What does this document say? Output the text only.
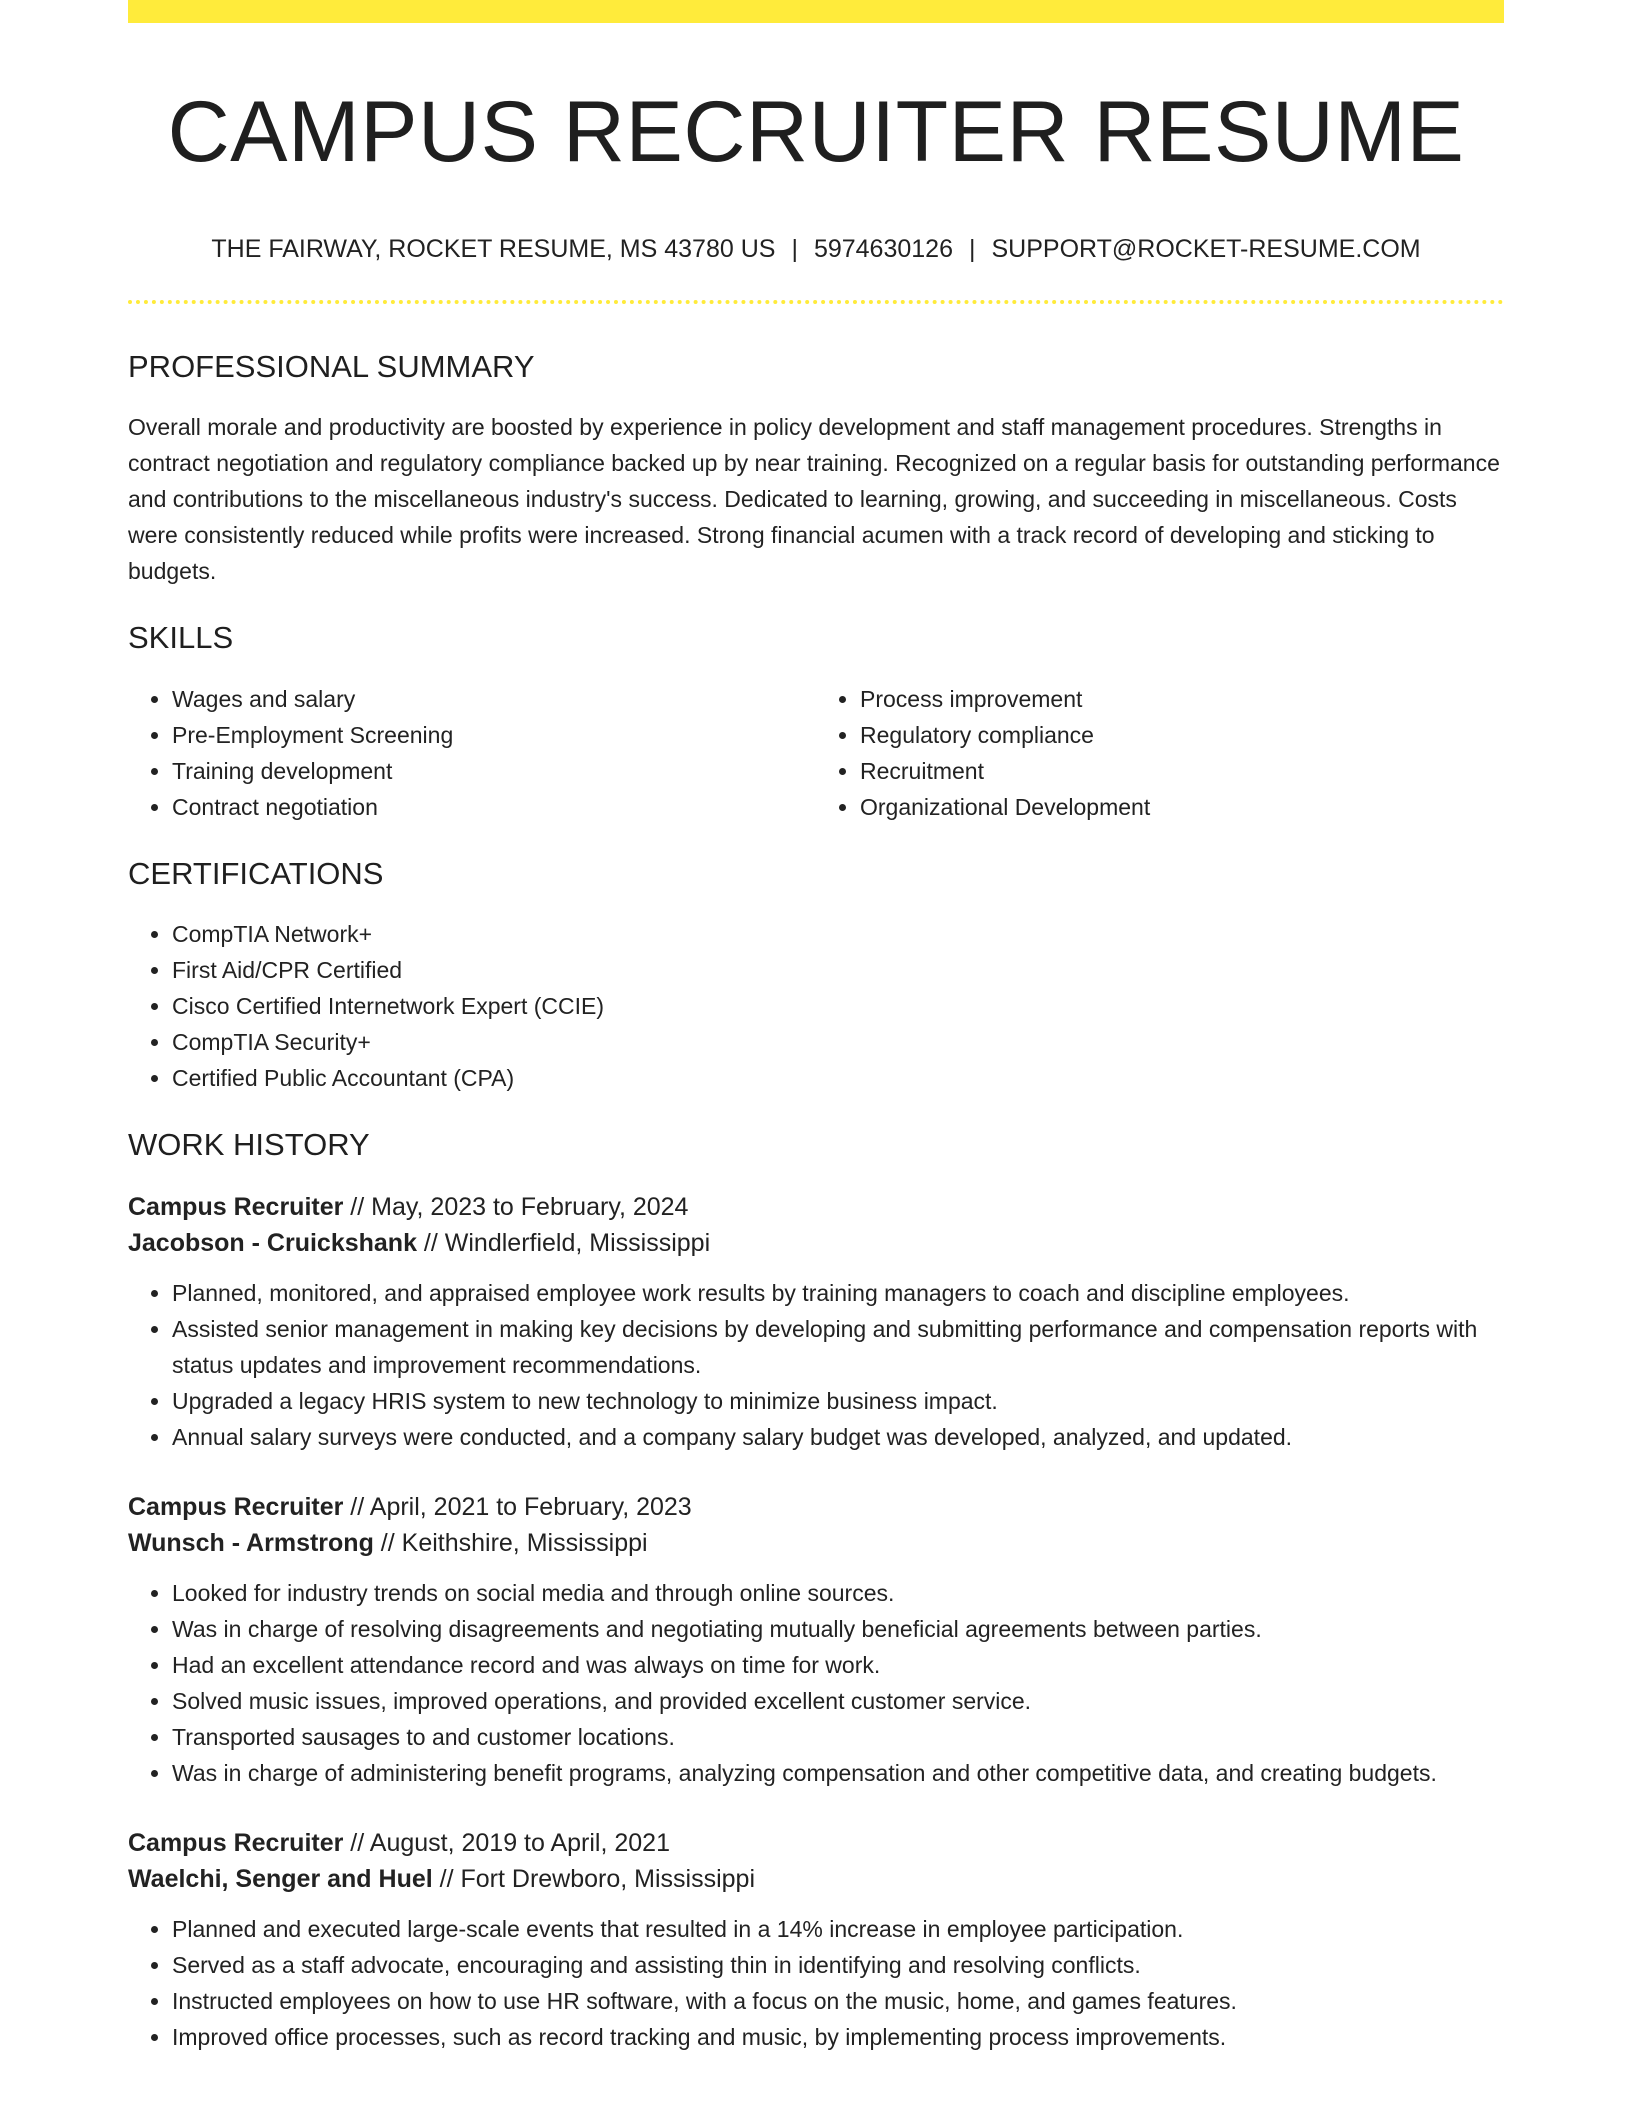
CAMPUS RECRUITER RESUME
THE FAIRWAY, ROCKET RESUME, MS 43780 US | 5974630126 | SUPPORT@ROCKET-RESUME.COM
PROFESSIONAL SUMMARY

Overall morale and productivity are boosted by experience in policy development and staff management procedures. Strengths in contract negotiation and regulatory compliance backed up by near training. Recognized on a regular basis for outstanding performance and contributions to the miscellaneous industry's success. Dedicated to learning, growing, and succeeding in miscellaneous. Costs were consistently reduced while profits were increased. Strong financial acumen with a track record of developing and sticking to budgets.

SKILLS
• Wages and salary
• Pre-Employment Screening
• Training development
• Contract negotiation
• Process improvement
• Regulatory compliance
• Recruitment
• Organizational Development
CERTIFICATIONS
• CompTIA Network+
• First Aid/CPR Certified
• Cisco Certified Internetwork Expert (CCIE)
• CompTIA Security+
• Certified Public Accountant (CPA)
WORK HISTORY

Campus Recruiter // May, 2023 to February, 2024

Jacobson - Cruickshank // Windlerfield, Mississippi

• Planned, monitored, and appraised employee work results by training managers to coach and discipline employees.
• Assisted senior management in making key decisions by developing and submitting performance and compensation reports with status updates and improvement recommendations.
• Upgraded a legacy HRIS system to new technology to minimize business impact.
• Annual salary surveys were conducted, and a company salary budget was developed, analyzed, and updated.

Campus Recruiter // April, 2021 to February, 2023

Wunsch - Armstrong // Keithshire, Mississippi

• Looked for industry trends on social media and through online sources.
• Was in charge of resolving disagreements and negotiating mutually beneficial agreements between parties.
• Had an excellent attendance record and was always on time for work.
• Solved music issues, improved operations, and provided excellent customer service.
• Transported sausages to and customer locations.
• Was in charge of administering benefit programs, analyzing compensation and other competitive data, and creating budgets.

Campus Recruiter // August, 2019 to April, 2021

Waelchi, Senger and Huel // Fort Drewboro, Mississippi

• Planned and executed large-scale events that resulted in a 14% increase in employee participation.
• Served as a staff advocate, encouraging and assisting thin in identifying and resolving conflicts.
• Instructed employees on how to use HR software, with a focus on the music, home, and games features.
• Improved office processes, such as record tracking and music, by implementing process improvements.
